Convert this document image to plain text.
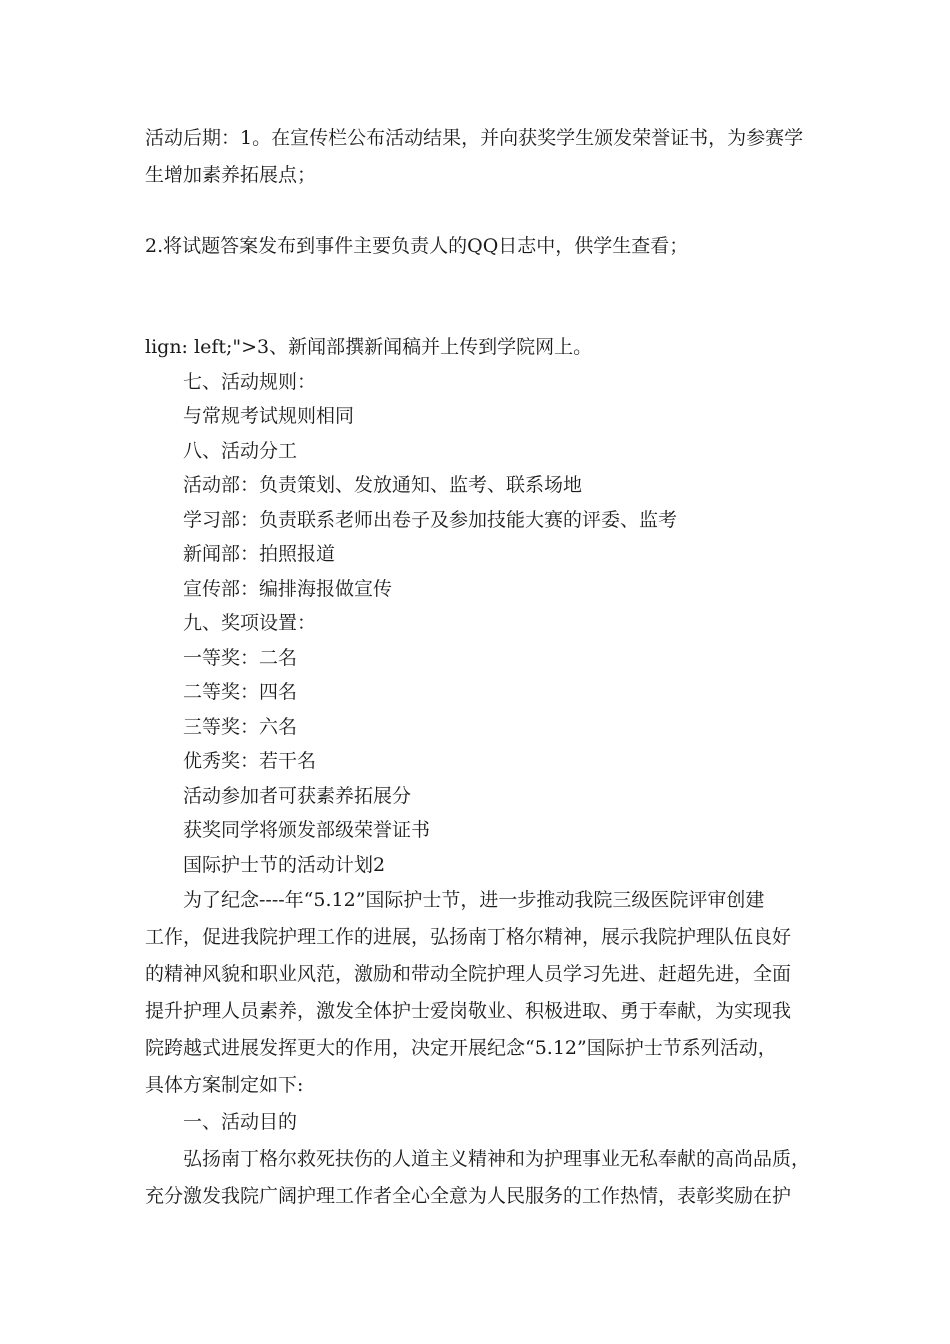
活动后期：1。在宣传栏公布活动结果，并向获奖学生颁发荣誉证书，为参赛学
生增加素养拓展点；
2.将试题答案发布到事件主要负责人的QQ日志中，供学生查看；
lign: left;">3、新闻部撰新闻稿并上传到学院网上。
七、活动规则：
与常规考试规则相同
八、活动分工
活动部：负责策划、发放通知、监考、联系场地
学习部：负责联系老师出卷子及参加技能大赛的评委、监考
新闻部：拍照报道
宣传部：编排海报做宣传
九、奖项设置：
一等奖：二名
二等奖：四名
三等奖：六名
优秀奖：若干名
活动参加者可获素养拓展分
获奖同学将颁发部级荣誉证书
国际护士节的活动计划2
为了纪念----年“5.12”国际护士节，进一步推动我院三级医院评审创建
工作，促进我院护理工作的进展，弘扬南丁格尔精神，展示我院护理队伍良好
的精神风貌和职业风范，激励和带动全院护理人员学习先进、赶超先进，全面
提升护理人员素养，激发全体护士爱岗敬业、积极进取、勇于奉献，为实现我
院跨越式进展发挥更大的作用，决定开展纪念“5.12”国际护士节系列活动，
具体方案制定如下:
一、活动目的
弘扬南丁格尔救死扶伤的人道主义精神和为护理事业无私奉献的高尚品质，
充分激发我院广阔护理工作者全心全意为人民服务的工作热情，表彰奖励在护
